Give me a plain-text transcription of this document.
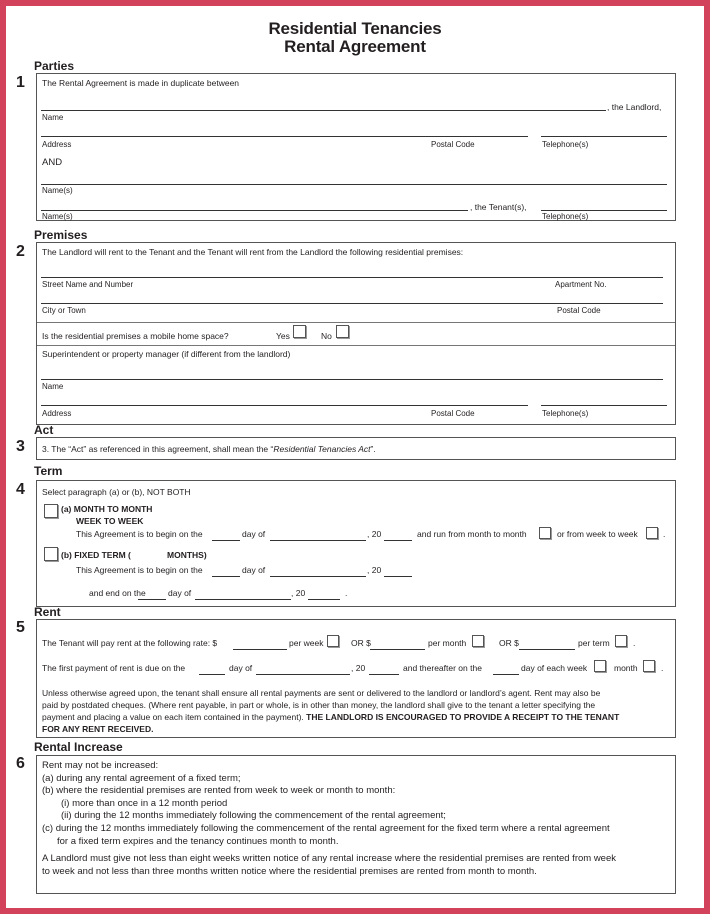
Residential Tenancies
Rental Agreement
Parties
1 The Rental Agreement is made in duplicate between
, the Landlord,
Name
Address	Postal Code	Telephone(s)
AND
Name(s)
, the Tenant(s),
Name(s)	Telephone(s)
Premises
2 The Landlord will rent to the Tenant and the Tenant will rent from the Landlord the following residential premises:
Street Name and Number	Apartment No.
City or Town	Postal Code
Is the residential premises a mobile home space?	Yes	No
Superintendent or property manager (if different from the landlord)
Name
Address	Postal Code	Telephone(s)
Act
3 3. The “Act” as referenced in this agreement, shall mean the “Residential Tenancies Act”.
Term
4 Select paragraph (a) or (b), NOT BOTH
(a) MONTH TO MONTH
WEEK TO WEEK
This Agreement is to begin on the	day of	, 20	and run from month to month	or from week to week	.
(b) FIXED TERM (	MONTHS)
This Agreement is to begin on the	day of	, 20
and end on the	day of	, 20	.
Rent
5
The Tenant will pay rent at the following rate: $	per week	OR $	per month	OR $	per term	.
The first payment of rent is due on the	day of	, 20	and thereafter on the	day of each week	month	.
Unless otherwise agreed upon, the tenant shall ensure all rental payments are sent or delivered to the landlord or landlord’s agent. Rent may also be
paid by postdated cheques. (Where rent payable, in part or whole, is in other than money, the landlord shall give to the tenant a letter specifying the
payment and placing a value on each item contained in the payment). THE LANDLORD IS ENCOURAGED TO PROVIDE A RECEIPT TO THE TENANT
FOR ANY RENT RECEIVED.
Rental Increase
6 Rent may not be increased:
(a) during any rental agreement of a fixed term;
(b) where the residential premises are rented from week to week or month to month:
(i) more than once in a 12 month period
(ii) during the 12 months immediately following the commencement of the rental agreement;
(c) during the 12 months immediately following the commencement of the rental agreement for the fixed term where a rental agreement
for a fixed term expires and the tenancy continues month to month.
A Landlord must give not less than eight weeks written notice of any rental increase where the residential premises are rented from week
to week and not less than three months written notice where the residential premises are rented from month to month.
